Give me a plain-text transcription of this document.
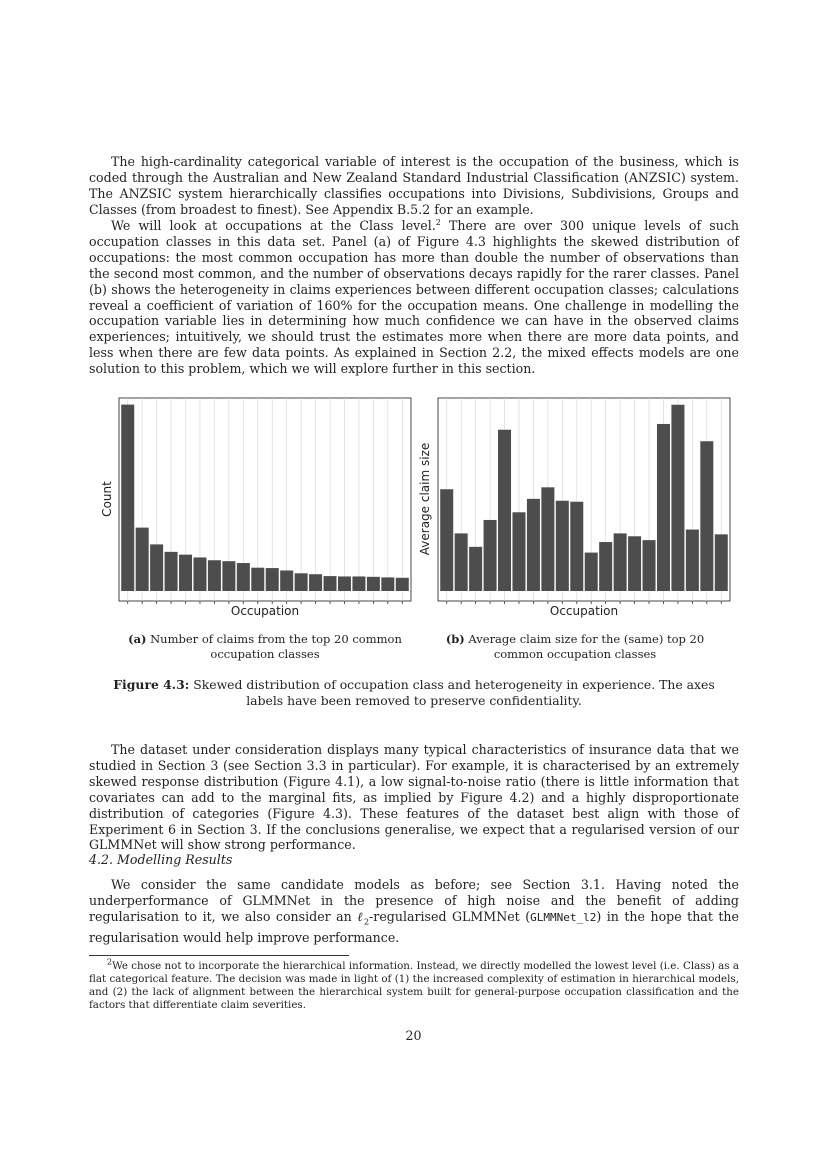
The high-cardinality categorical variable of interest is the occupation of the business, which is coded through the Australian and New Zealand Standard Industrial Classification (ANZSIC) system. The ANZSIC system hierarchically classifies occupations into Divisions, Subdivisions, Groups and Classes (from broadest to finest). See Appendix B.5.2 for an example.

We will look at occupations at the Class level.$^2$ There are over 300 unique levels of such occupation classes in this data set. Panel (a) of Figure 4.3 highlights the skewed distribution of occupations: the most common occupation has more than double the number of observations than the second most common, and the number of observations decays rapidly for the rarer classes. Panel (b) shows the heterogeneity in claims experiences between different occupation classes; calculations reveal a coefficient of variation of 160% for the occupation means. One challenge in modelling the occupation variable lies in determining how much confidence we can have in the observed claims experiences; intuitively, we should trust the estimates more when there are more data points, and less when there are few data points. As explained in Section 2.2, the mixed effects models are one solution to this problem, which we will explore further in this section.

Occupation
Count
Occupation
Average claim size

(a) Number of claims from the top 20 common occupation classes

(b) Average claim size for the (same) top 20 common occupation classes

Figure 4.3: Skewed distribution of occupation class and heterogeneity in experience. The axes labels have been removed to preserve confidentiality.

The dataset under consideration displays many typical characteristics of insurance data that we studied in Section 3 (see Section 3.3 in particular). For example, it is characterised by an extremely skewed response distribution (Figure 4.1), a low signal-to-noise ratio (there is little information that covariates can add to the marginal fits, as implied by Figure 4.2) and a highly disproportionate distribution of categories (Figure 4.3). These features of the dataset best align with those of Experiment 6 in Section 3. If the conclusions generalise, we expect that a regularised version of our GLMMNet will show strong performance.

4.2. Modelling Results

We consider the same candidate models as before; see Section 3.1. Having noted the underperformance of GLMMNet in the presence of high noise and the benefit of adding regularisation to it, we also consider an ℓ$_2$-regularised GLMMNet (GLMMNet_l2) in the hope that the regularisation would help improve performance.

$^2$We chose not to incorporate the hierarchical information. Instead, we directly modelled the lowest level (i.e. Class) as a flat categorical feature. The decision was made in light of (1) the increased complexity of estimation in hierarchical models, and (2) the lack of alignment between the hierarchical system built for general-purpose occupation classification and the factors that differentiate claim severities.

20
